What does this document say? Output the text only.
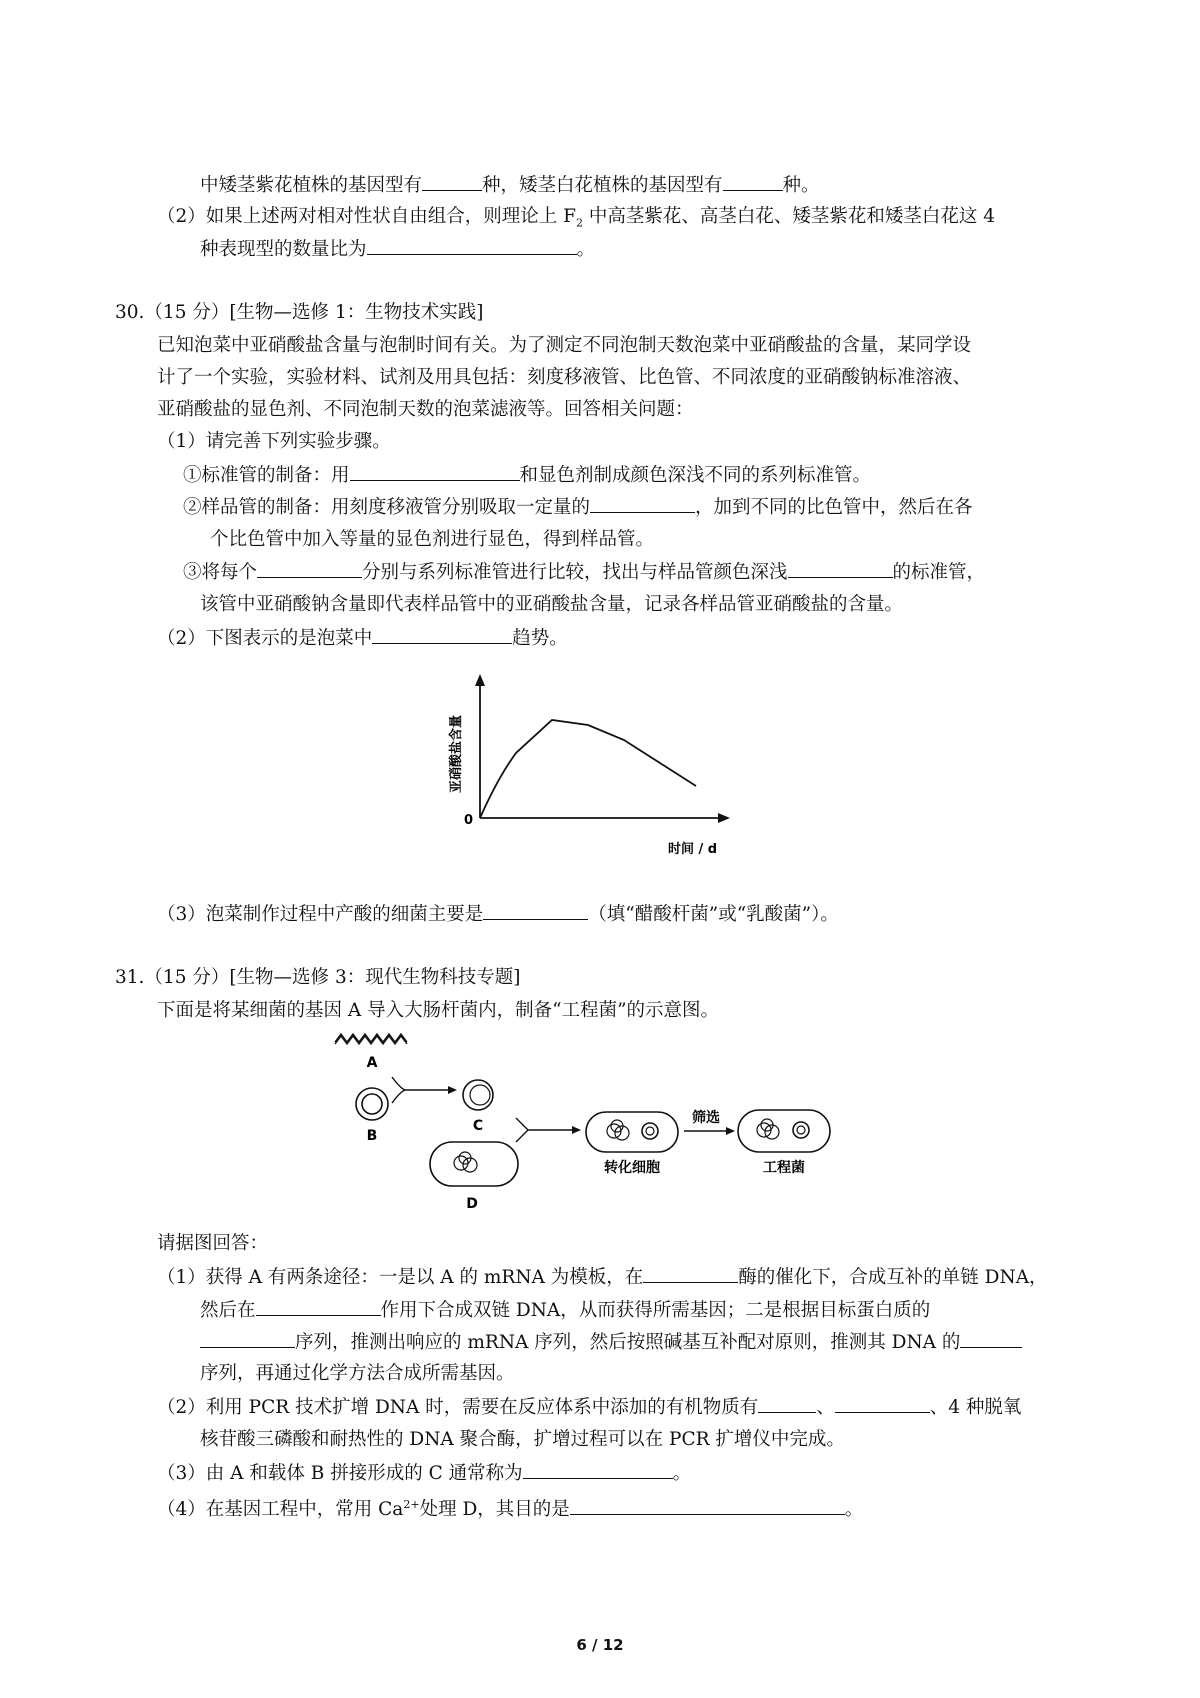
中矮茎紫花植株的基因型有	种，矮茎白花植株的基因型有	种。
（2）如果上述两对相对性状自由组合，则理论上 $F_2$ 中高茎紫花、高茎白花、矮茎紫花和矮茎白花这 4
种表现型的数量比为	。
30.（15 分）[生物—选修 1：生物技术实践]
已知泡菜中亚硝酸盐含量与泡制时间有关。为了测定不同泡制天数泡菜中亚硝酸盐的含量，某同学设
计了一个实验，实验材料、试剂及用具包括：刻度移液管、比色管、不同浓度的亚硝酸钠标准溶液、
亚硝酸盐的显色剂、不同泡制天数的泡菜滤液等。回答相关问题：
（1）请完善下列实验步骤。
①标准管的制备：用	和显色剂制成颜色深浅不同的系列标准管。
②样品管的制备：用刻度移液管分别吸取一定量的	，加到不同的比色管中，然后在各
个比色管中加入等量的显色剂进行显色，得到样品管。
③将每个	分别与系列标准管进行比较，找出与样品管颜色深浅	的标准管，
该管中亚硝酸钠含量即代表样品管中的亚硝酸盐含量，记录各样品管亚硝酸盐的含量。
（2）下图表示的是泡菜中	趋势。
0
时间 / d
亚硝酸盐含量
（3）泡菜制作过程中产酸的细菌主要是	（填“醋酸杆菌”或“乳酸菌”）。
31.（15 分）[生物—选修 3：现代生物科技专题]
下面是将某细菌的基因 A 导入大肠杆菌内，制备“工程菌”的示意图。
A
B
C
D
转化细胞
筛选
工程菌
请据图回答：
（1）获得 A 有两条途径：一是以 A 的 mRNA 为模板，在	酶的催化下，合成互补的单链 DNA，
然后在	作用下合成双链 DNA，从而获得所需基因；二是根据目标蛋白质的
序列，推测出响应的 mRNA 序列，然后按照碱基互补配对原则，推测其 DNA 的
序列，再通过化学方法合成所需基因。
（2）利用 PCR 技术扩增 DNA 时，需要在反应体系中添加的有机物质有	、	、4 种脱氧
核苷酸三磷酸和耐热性的 DNA 聚合酶，扩增过程可以在 PCR 扩增仪中完成。
（3）由 A 和载体 B 拼接形成的 C 通常称为	。
（4）在基因工程中，常用 $Ca^{2+}$处理 D，其目的是	。
6 / 12
